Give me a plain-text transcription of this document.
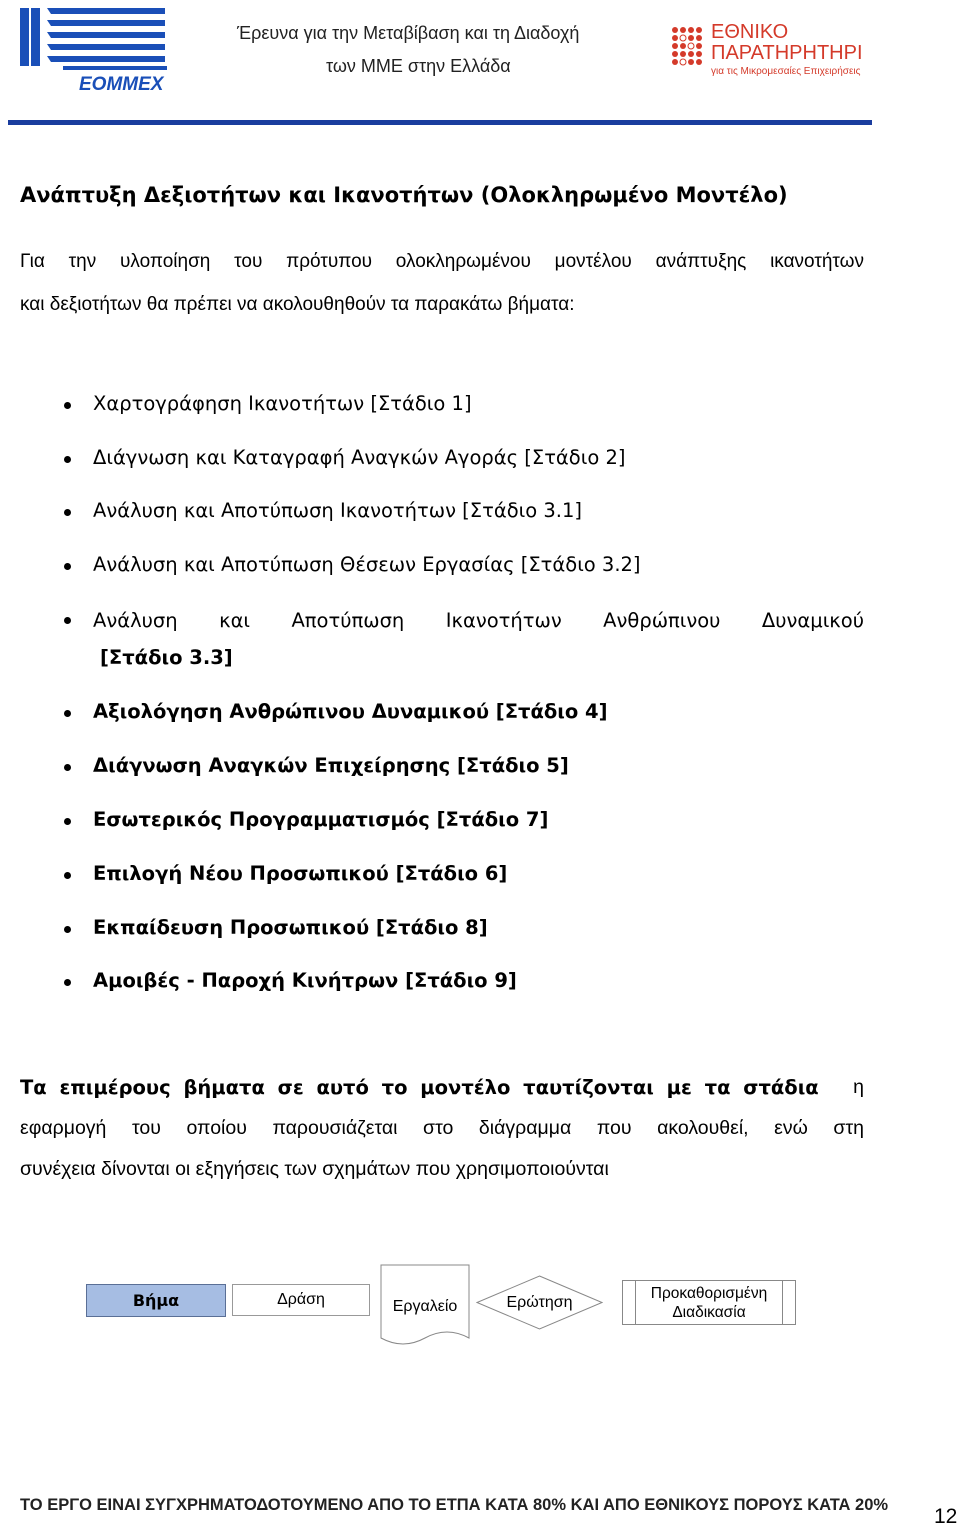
EOMMEX
Έρευνα για την Μεταβίβαση και τη Διαδοχή
των ΜΜΕ στην Ελλάδα
ΕΘΝΙΚΟ
ΠΑΡΑΤΗΡΗΤΗΡΙΟ
για τις Μικρομεσαίες Επιχειρήσεις
Ανάπτυξη Δεξιοτήτων και Ικανοτήτων (Ολοκληρωμένο Μοντέλο)
Για την υλοποίηση του πρότυπου ολοκληρωμένου μοντέλου ανάπτυξης ικανοτήτων
και δεξιοτήτων θα πρέπει να ακολουθηθούν τα παρακάτω βήματα:
Χαρτογράφηση Ικανοτήτων [Στάδιο 1]
Διάγνωση και Καταγραφή Αναγκών Αγοράς [Στάδιο 2]
Ανάλυση και Αποτύπωση Ικανοτήτων [Στάδιο 3.1]
Ανάλυση και Αποτύπωση Θέσεων Εργασίας [Στάδιο 3.2]
Ανάλυση και Αποτύπωση Ικανοτήτων Ανθρώπινου Δυναμικού
[Στάδιο 3.3]
Αξιολόγηση Ανθρώπινου Δυναμικού [Στάδιο 4]
Διάγνωση Αναγκών Επιχείρησης [Στάδιο 5]
Εσωτερικός Προγραμματισμός [Στάδιο 7]
Επιλογή Νέου Προσωπικού [Στάδιο 6]
Εκπαίδευση Προσωπικού [Στάδιο 8]
Αμοιβές - Παροχή Κινήτρων [Στάδιο 9]
Τα επιμέρους βήματα σε αυτό το μοντέλο ταυτίζονται με τα στάδια η
εφαρμογή του οποίου παρουσιάζεται στο διάγραμμα που ακολουθεί, ενώ στη
συνέχεια δίνονται οι εξηγήσεις των σχημάτων που χρησιμοποιούνται
Βήμα	Δράση	Εργαλείο	Ερώτηση
Προκαθορισμένη
Διαδικασία
ΤΟ ΕΡΓΟ ΕΙΝΑΙ ΣΥΓΧΡΗΜΑΤΟΔΟΤΟΥΜΕΝΟ ΑΠΟ ΤΟ ΕΤΠΑ ΚΑΤΑ 80% ΚΑΙ ΑΠΟ ΕΘΝΙΚΟΥΣ ΠΟΡΟΥΣ ΚΑΤΑ 20% 12
